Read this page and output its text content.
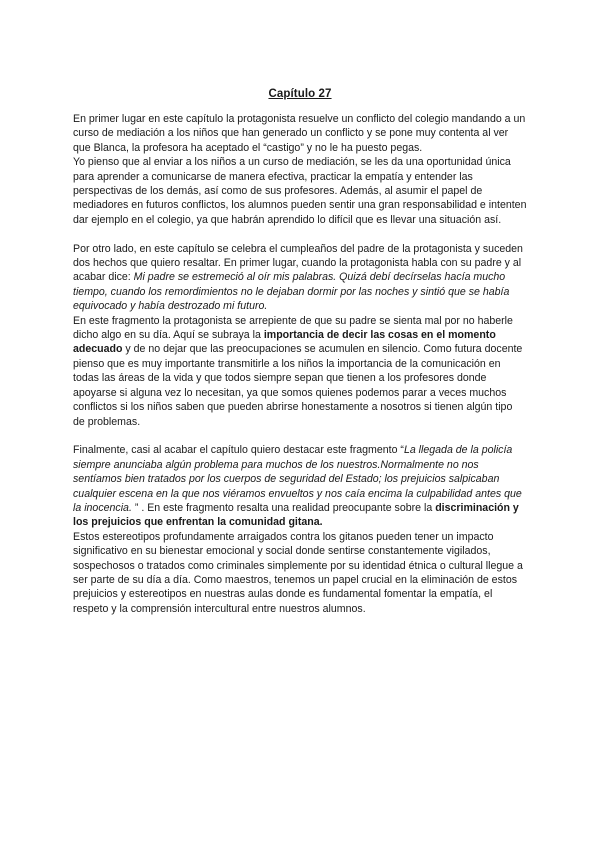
Capítulo 27

En primer lugar en este capítulo la protagonista resuelve un conflicto del colegio mandando a un curso de mediación a los niños que han generado un conflicto y se pone muy contenta al ver que Blanca, la profesora ha aceptado el “castigo” y no le ha puesto pegas.

Yo pienso que al enviar a los niños a un curso de mediación, se les da una oportunidad única para aprender a comunicarse de manera efectiva, practicar la empatía y entender las perspectivas de los demás, así como de sus profesores. Además, al asumir el papel de mediadores en futuros conflictos, los alumnos pueden sentir una gran responsabilidad e intenten dar ejemplo en el colegio, ya que habrán aprendido lo difícil que es llevar una situación así.

Por otro lado, en este capítulo se celebra el cumpleaños del padre de la protagonista y suceden dos hechos que quiero resaltar. En primer lugar, cuando la protagonista habla con su padre y al acabar dice: Mi padre se estremeció al oír mis palabras. Quizá debí decírselas hacía mucho tiempo, cuando los remordimientos no le dejaban dormir por las noches y sintió que se había equivocado y había destrozado mi futuro.

En este fragmento la protagonista se arrepiente de que su padre se sienta mal por no haberle dicho algo en su día. Aquí se subraya la importancia de decir las cosas en el momento adecuado y de no dejar que las preocupaciones se acumulen en silencio. Como futura docente pienso que es muy importante transmitirle a los niños la importancia de la comunicación en todas las áreas de la vida y que todos siempre sepan que tienen a los profesores donde apoyarse si alguna vez lo necesitan, ya que somos quienes podemos parar a veces muchos conflictos si los niños saben que pueden abrirse honestamente a nosotros si tienen algún tipo de problemas.

Finalmente, casi al acabar el capítulo quiero destacar este fragmento “La llegada de la policía siempre anunciaba algún problema para muchos de los nuestros.Normalmente no nos sentíamos bien tratados por los cuerpos de seguridad del Estado; los prejuicios salpicaban cualquier escena en la que nos viéramos envueltos y nos caía encima la culpabilidad antes que la inocencia. ” . En este fragmento resalta una realidad preocupante sobre la discriminación y los prejuicios que enfrentan la comunidad gitana.

Estos estereotipos profundamente arraigados contra los gitanos pueden tener un impacto significativo en su bienestar emocional y social donde sentirse constantemente vigilados, sospechosos o tratados como criminales simplemente por su identidad étnica o cultural llegue a ser parte de su día a día. Como maestros, tenemos un papel crucial en la eliminación de estos prejuicios y estereotipos en nuestras aulas donde es fundamental fomentar la empatía, el respeto y la comprensión intercultural entre nuestros alumnos.
